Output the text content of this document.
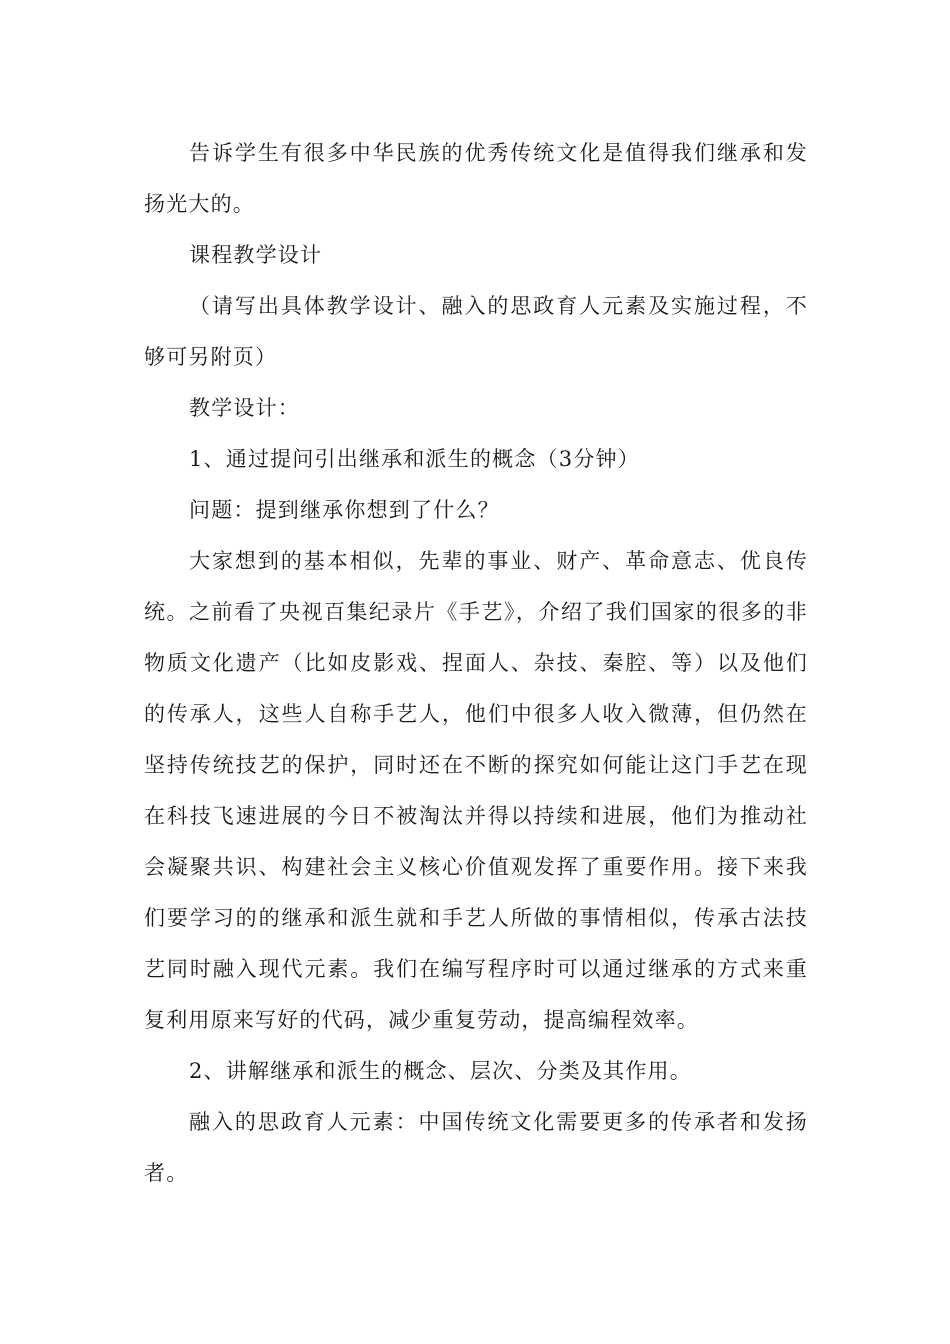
告诉学生有很多中华民族的优秀传统文化是值得我们继承和发扬光大的。

课程教学设计

（请写出具体教学设计、融入的思政育人元素及实施过程，不够可另附页）

教学设计：

1、通过提问引出继承和派生的概念（3分钟）

问题：提到继承你想到了什么？

大家想到的基本相似，先辈的事业、财产、革命意志、优良传统。之前看了央视百集纪录片《手艺》，介绍了我们国家的很多的非物质文化遗产（比如皮影戏、捏面人、杂技、秦腔、等）以及他们的传承人，这些人自称手艺人，他们中很多人收入微薄，但仍然在坚持传统技艺的保护，同时还在不断的探究如何能让这门手艺在现在科技飞速进展的今日不被淘汰并得以持续和进展，他们为推动社会凝聚共识、构建社会主义核心价值观发挥了重要作用。接下来我们要学习的的继承和派生就和手艺人所做的事情相似，传承古法技艺同时融入现代元素。我们在编写程序时可以通过继承的方式来重复利用原来写好的代码，减少重复劳动，提高编程效率。

2、讲解继承和派生的概念、层次、分类及其作用。

融入的思政育人元素：中国传统文化需要更多的传承者和发扬者。
